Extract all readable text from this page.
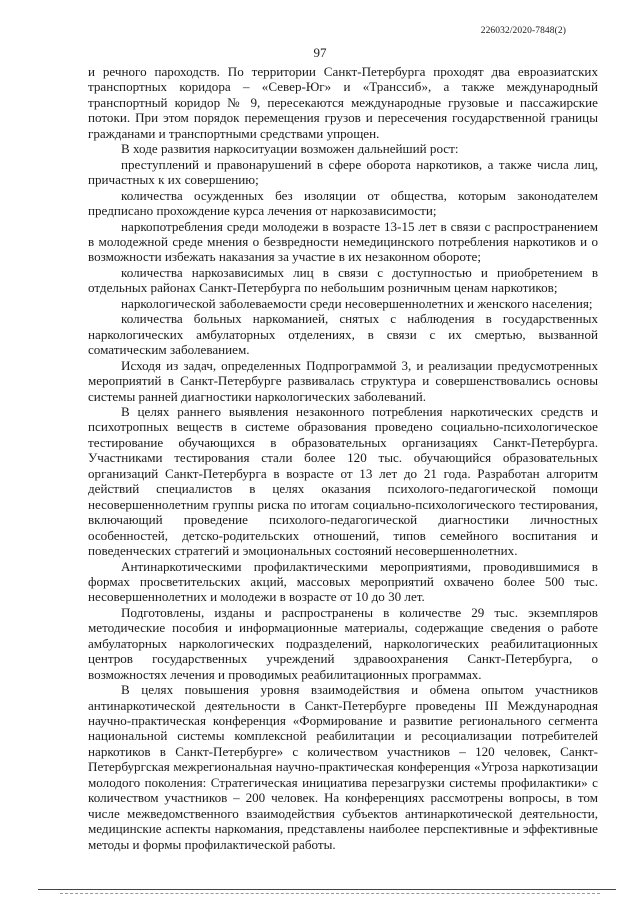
226032/2020-7848(2)
97

и речного пароходств. По территории Санкт-Петербурга проходят два евроазиатских транспортных коридора – «Север-Юг» и «Транссиб», а также международный транспортный коридор № 9, пересекаются международные грузовые и пассажирские потоки. При этом порядок перемещения грузов и пересечения государственной границы гражданами и транспортными средствами упрощен.

В ходе развития наркоситуации возможен дальнейший рост:

преступлений и правонарушений в сфере оборота наркотиков, а также числа лиц, причастных к их совершению;

количества осужденных без изоляции от общества, которым законодателем предписано прохождение курса лечения от наркозависимости;

наркопотребления среди молодежи в возрасте 13-15 лет в связи с распространением в молодежной среде мнения о безвредности немедицинского потребления наркотиков и о возможности избежать наказания за участие в их незаконном обороте;

количества наркозависимых лиц в связи с доступностью и приобретением в отдельных районах Санкт-Петербурга по небольшим розничным ценам наркотиков;

наркологической заболеваемости среди несовершеннолетних и женского населения;

количества больных наркоманией, снятых с наблюдения в государственных наркологических амбулаторных отделениях, в связи с их смертью, вызванной соматическим заболеванием.

Исходя из задач, определенных Подпрограммой 3, и реализации предусмотренных мероприятий в Санкт-Петербурге развивалась структура и совершенствовались основы системы ранней диагностики наркологических заболеваний.

В целях раннего выявления незаконного потребления наркотических средств и психотропных веществ в системе образования проведено социально-психологическое тестирование обучающихся в образовательных организациях Санкт-Петербурга. Участниками тестирования стали более 120 тыс. обучающийся образовательных организаций Санкт-Петербурга в возрасте от 13 лет до 21 года. Разработан алгоритм действий специалистов в целях оказания психолого-педагогической помощи несовершеннолетним группы риска по итогам социально-психологического тестирования, включающий проведение психолого-педагогической диагностики личностных особенностей, детско-родительских отношений, типов семейного воспитания и поведенческих стратегий и эмоциональных состояний несовершеннолетних.

Антинаркотическими профилактическими мероприятиями, проводившимися в формах просветительских акций, массовых мероприятий охвачено более 500 тыс. несовершеннолетних и молодежи в возрасте от 10 до 30 лет.

Подготовлены, изданы и распространены в количестве 29 тыс. экземпляров методические пособия и информационные материалы, содержащие сведения о работе амбулаторных наркологических подразделений, наркологических реабилитационных центров государственных учреждений здравоохранения Санкт-Петербурга, о возможностях лечения и проводимых реабилитационных программах.

В целях повышения уровня взаимодействия и обмена опытом участников антинаркотической деятельности в Санкт-Петербурге проведены III Международная научно-практическая конференция «Формирование и развитие регионального сегмента национальной системы комплексной реабилитации и ресоциализации потребителей наркотиков в Санкт-Петербурге» с количеством участников – 120 человек, Санкт-Петербургская межрегиональная научно-практическая конференция «Угроза наркотизации молодого поколения: Стратегическая инициатива перезагрузки системы профилактики» с количеством участников – 200 человек. На конференциях рассмотрены вопросы, в том числе межведомственного взаимодействия субъектов антинаркотической деятельности, медицинские аспекты наркомания, представлены наиболее перспективные и эффективные методы и формы профилактической работы.
